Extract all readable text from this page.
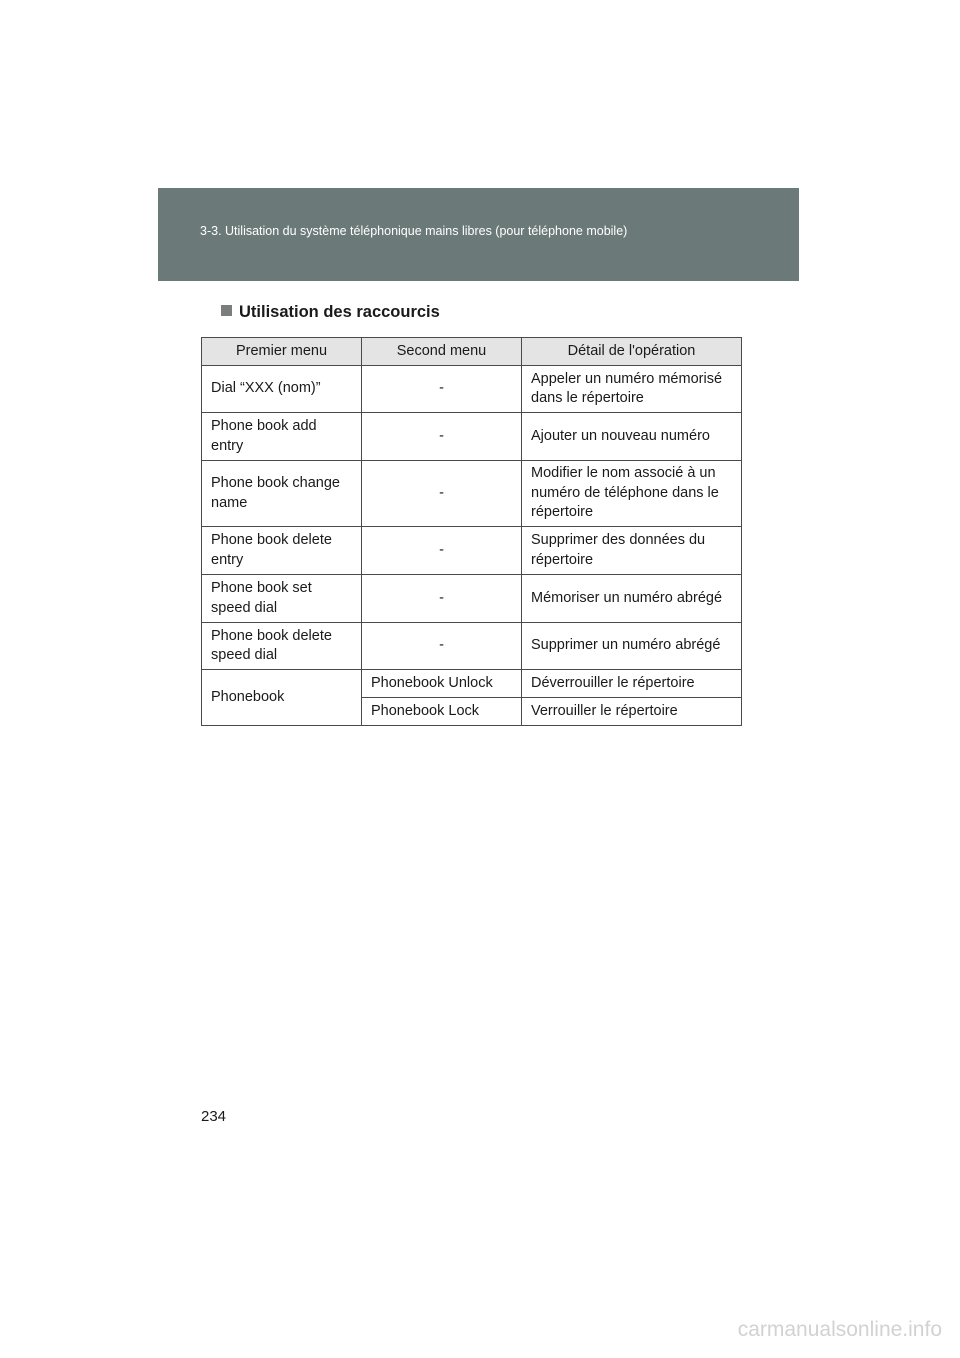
3-3. Utilisation du système téléphonique mains libres (pour téléphone mobile)
Utilisation des raccourcis
Premier menu	Second menu	Détail de l'opération
Dial “XXX (nom)”	-	Appeler un numéro mémorisé dans le répertoire
Phone book add entry	-	Ajouter un nouveau numéro
Phone book change name	-	Modifier le nom associé à un numéro de téléphone dans le répertoire
Phone book delete entry	-	Supprimer des données du répertoire
Phone book set speed dial	-	Mémoriser un numéro abrégé
Phone book delete speed dial	-	Supprimer un numéro abrégé
Phonebook	Phonebook Unlock	Déverrouiller le répertoire
	Phonebook Lock	Verrouiller le répertoire
234
carmanualsonline.info
